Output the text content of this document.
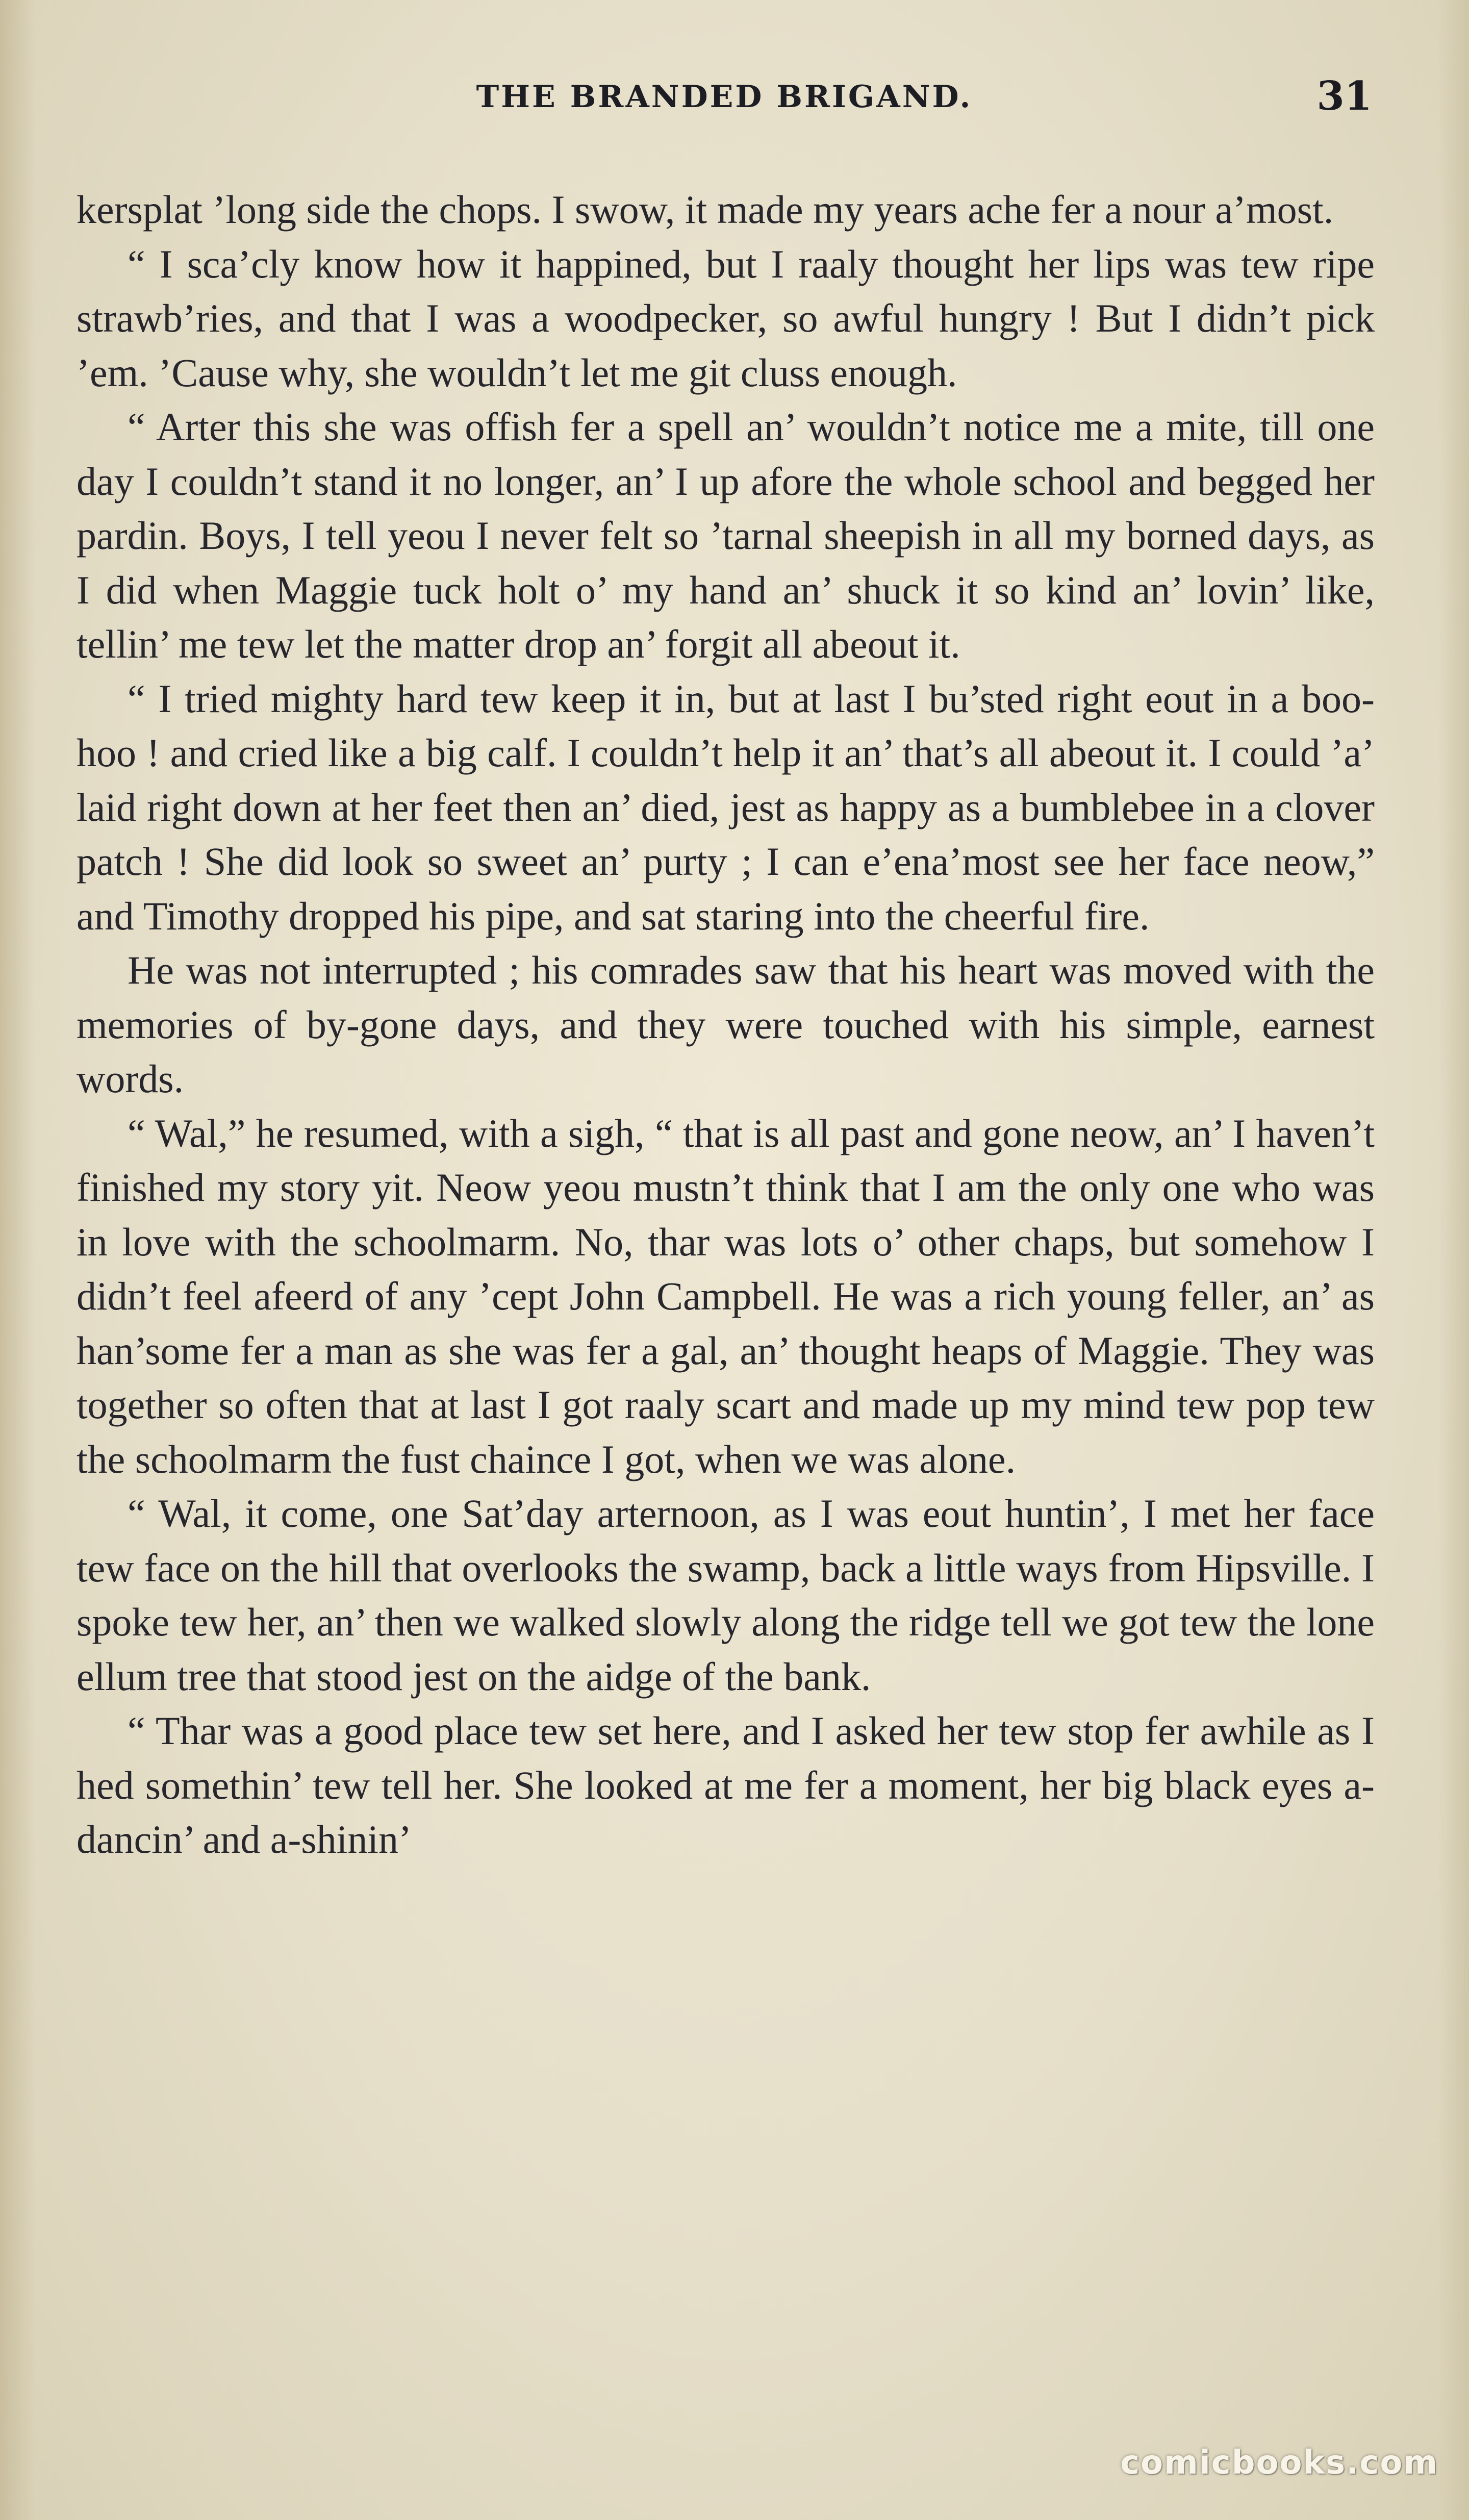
THE BRANDED BRIGAND.	31

kersplat ’long side the chops. I swow, it made my years ache fer a nour a’most.

“ I sca’cly know how it happined, but I raaly thought her lips was tew ripe strawb’ries, and that I was a woodpecker, so awful hungry ! But I didn’t pick ’em. ’Cause why, she wouldn’t let me git cluss enough.

“ Arter this she was offish fer a spell an’ wouldn’t notice me a mite, till one day I couldn’t stand it no longer, an’ I up afore the whole school and begged her pardin. Boys, I tell yeou I never felt so ’tarnal sheepish in all my borned days, as I did when Maggie tuck holt o’ my hand an’ shuck it so kind an’ lovin’ like, tellin’ me tew let the matter drop an’ forgit all abeout it.

“ I tried mighty hard tew keep it in, but at last I bu’sted right eout in a boo-hoo ! and cried like a big calf. I couldn’t help it an’ that’s all abeout it. I could ’a’ laid right down at her feet then an’ died, jest as happy as a bumblebee in a clover patch ! She did look so sweet an’ purty ; I can e’ena’most see her face neow,” and Timothy dropped his pipe, and sat staring into the cheerful fire.

He was not interrupted ; his comrades saw that his heart was moved with the memories of by-gone days, and they were touched with his simple, earnest words.

“ Wal,” he resumed, with a sigh, “ that is all past and gone neow, an’ I haven’t finished my story yit. Neow yeou mustn’t think that I am the only one who was in love with the schoolmarm. No, thar was lots o’ other chaps, but somehow I didn’t feel afeerd of any ’cept John Campbell. He was a rich young feller, an’ as han’some fer a man as she was fer a gal, an’ thought heaps of Maggie. They was together so often that at last I got raaly scart and made up my mind tew pop tew the schoolmarm the fust chaince I got, when we was alone.

“ Wal, it come, one Sat’day arternoon, as I was eout huntin’, I met her face tew face on the hill that overlooks the swamp, back a little ways from Hipsville. I spoke tew her, an’ then we walked slowly along the ridge tell we got tew the lone ellum tree that stood jest on the aidge of the bank.

“ Thar was a good place tew set here, and I asked her tew stop fer awhile as I hed somethin’ tew tell her. She looked at me fer a moment, her big black eyes a-dancin’ and a-shinin’

comicbooks.com
